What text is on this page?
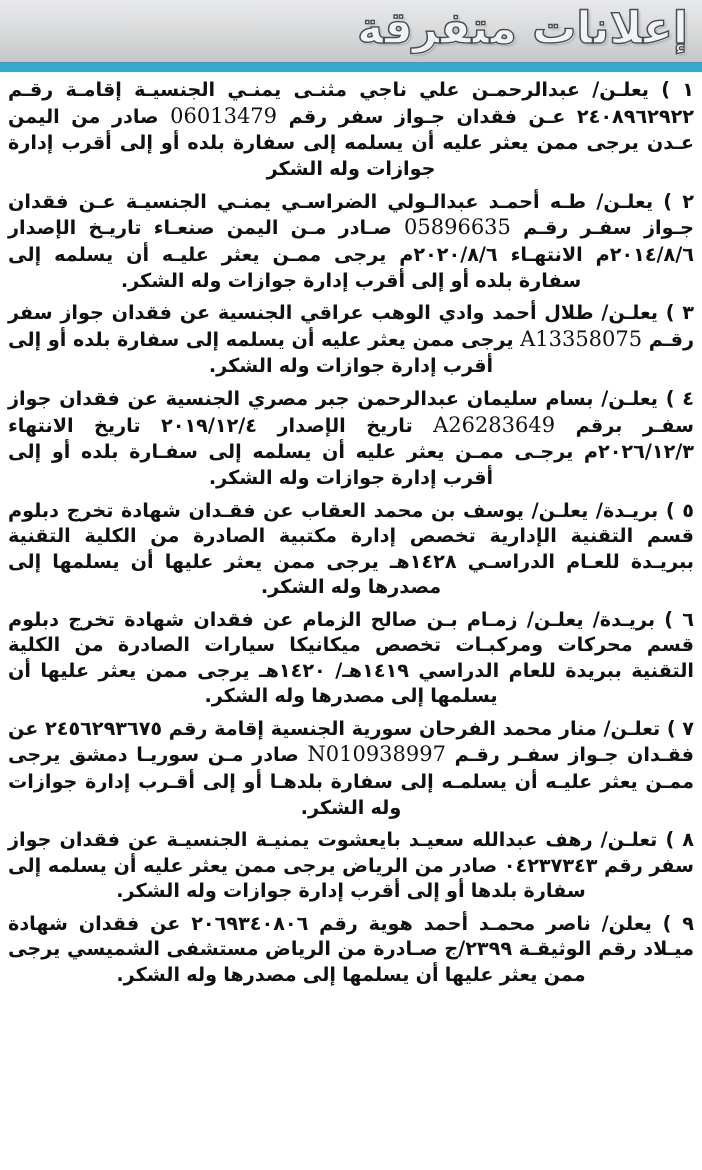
إعلانات متفرقة

١ ) يعلـن/ عبدالرحمـن علي ناجي مثنـى يمنـي الجنسيـة إقامـة رقـم ٢٤٠٨٩٦٢٩٢٢ عـن فقدان جـواز سفر رقم 06013479 صادر من اليمن عـدن يرجى ممن يعثر عليه أن يسلمه إلى سفارة بلده أو إلى أقرب إدارة جوازات وله الشكر

٢ ) يعلـن/ طـه أحمـد عبدالـولي الضراسـي يمنـي الجنسيـة عـن فقدان جـواز سفـر رقـم 05896635 صـادر مـن اليمن صنعـاء تاريـخ الإصدار ٢٠١٤/٨/٦م الانتهـاء ٢٠٢٠/٨/٦م يرجى ممـن يعثر عليـه أن يسلمه إلى سفارة بلده أو إلى أقرب إدارة جوازات وله الشكر.

٣ ) يعلـن/ طلال أحمد وادي الوهب عراقي الجنسية عن فقدان جواز سفر رقـم A13358075 يرجى ممن يعثر عليه أن يسلمه إلى سفارة بلده أو إلى أقرب إدارة جوازات وله الشكر.

٤ ) يعلـن/ بسام سليمان عبدالرحمن جبر مصري الجنسية عن فقدان جواز سفـر برقم A26283649 تاريخ الإصدار ٢٠١٩/١٢/٤ تاريخ الانتهاء ٢٠٢٦/١٢/٣م يرجـى ممـن يعثر عليه أن يسلمه إلى سفـارة بلده أو إلى أقرب إدارة جوازات وله الشكر.

٥ ) بريـدة/ يعلـن/ يوسف بن محمد العقاب عن فقـدان شهادة تخرج دبلوم قسم التقنية الإدارية تخصص إدارة مكتبية الصادرة من الكلية التقنية ببريـدة للعـام الدراسـي ١٤٢٨هـ يرجى ممن يعثر عليها أن يسلمها إلى مصدرها وله الشكر.

٦ ) بريـدة/ يعلـن/ زمـام بـن صالح الزمام عن فقدان شهادة تخرج دبلوم قسم محركات ومركبـات تخصص ميكانيكا سيارات الصادرة من الكلية التقنية ببريدة للعام الدراسي ١٤١٩هـ/ ١٤٢٠هـ يرجى ممن يعثر عليها أن يسلمها إلى مصدرها وله الشكر.

٧ ) تعلـن/ منار محمد الفرحان سورية الجنسية إقامة رقم ٢٤٥٦٢٩٣٦٧٥ عن فقـدان جـواز سفـر رقـم N010938997 صادر مـن سوريـا دمشق يرجى ممـن يعثر عليـه أن يسلمـه إلى سفارة بلدهـا أو إلى أقـرب إدارة جوازات وله الشكر.

٨ ) تعلـن/ رهف عبدالله سعيـد بايعشوت يمنيـة الجنسيـة عن فقدان جواز سفر رقم ٠٤٢٣٧٣٤٣ صادر من الرياض يرجى ممن يعثر عليه أن يسلمه إلى سفارة بلدها أو إلى أقرب إدارة جوازات وله الشكر.

٩ ) يعلن/ ناصر محمـد أحمد هوية رقم ٢٠٦٩٣٤٠٨٠٦ عن فقدان شهادة ميـلاد رقم الوثيقـة ٢٣٩٩/ج صـادرة من الرياض مستشفى الشميسي يرجى ممن يعثر عليها أن يسلمها إلى مصدرها وله الشكر.
